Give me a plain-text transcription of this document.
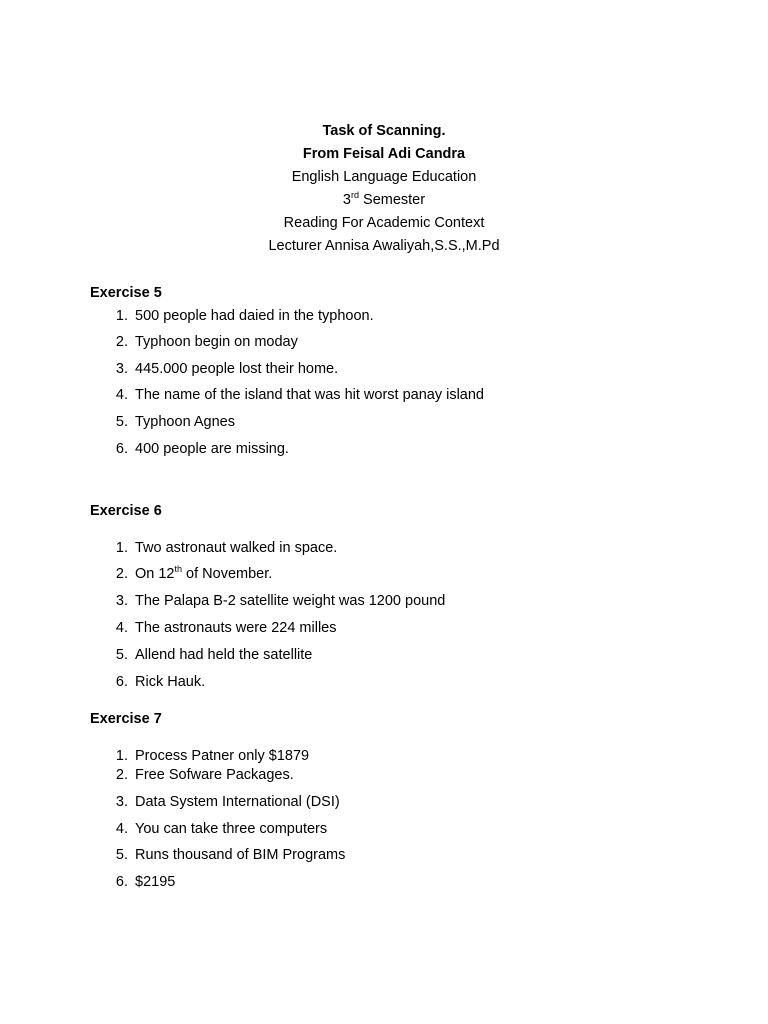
Task of Scanning.
From Feisal Adi Candra
English Language Education
3rd Semester
Reading For Academic Context
Lecturer Annisa Awaliyah,S.S.,M.Pd
Exercise 5
1. 500 people had daied in the typhoon.
2. Typhoon begin on moday
3. 445.000 people lost their home.
4. The name of the island that was hit worst panay island
5. Typhoon Agnes
6. 400 people are missing.
Exercise 6
1. Two astronaut walked in space.
2. On 12th of November.
3. The Palapa B-2 satellite weight was 1200 pound
4. The astronauts were 224 milles
5. Allend had held the satellite
6. Rick Hauk.
Exercise 7
1. Process Patner only $1879
2. Free Sofware Packages.
3. Data System International (DSI)
4. You can take three computers
5. Runs thousand of BIM Programs
6. $2195
